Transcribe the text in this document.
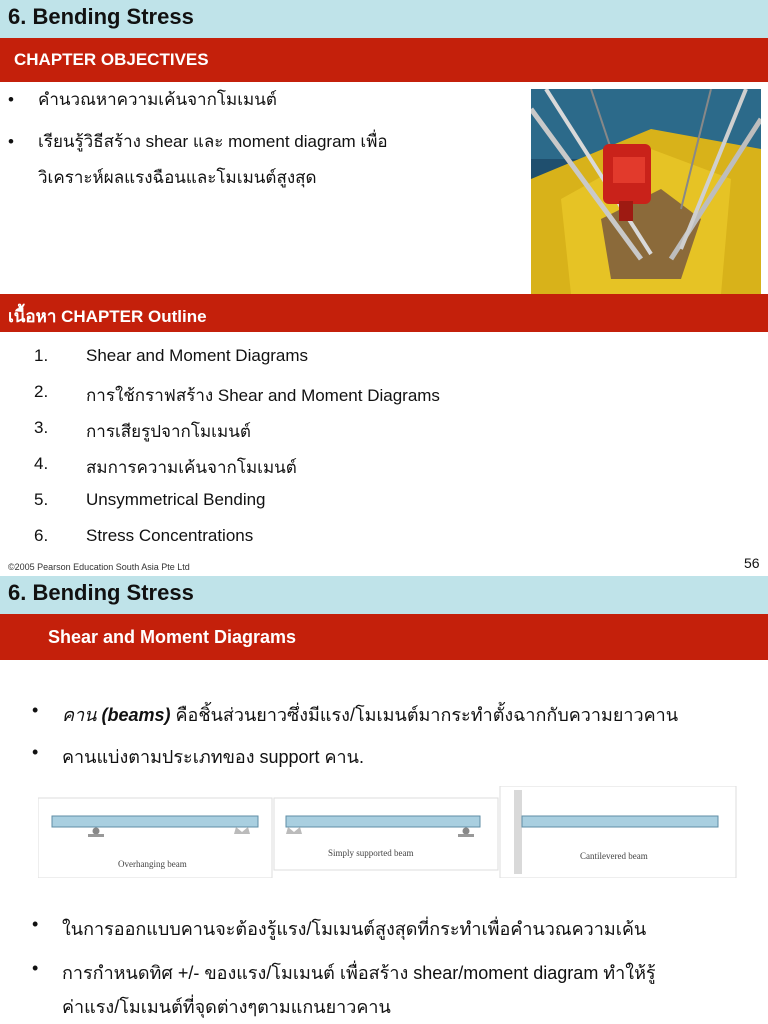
6. Bending Stress
CHAPTER OBJECTIVES
• คำนวณหาความเค้นจากโมเมนต์
• เรียนรู้วิธีสร้าง shear และ moment diagram เพื่อ
วิเคราะห์ผลแรงฉือนและโมเมนต์สูงสุด
เนื้อหา CHAPTER Outline
1. Shear and Moment Diagrams
2. การใช้กราฟสร้าง Shear and Moment Diagrams
3. การเสียรูปจากโมเมนต์
4. สมการความเค้นจากโมเมนต์
5. Unsymmetrical Bending
6. Stress Concentrations
©2005 Pearson Education South Asia Pte Ltd	56
6. Bending Stress
Shear and Moment Diagrams
• คาน (beams) คือชิ้นส่วนยาวซึ่งมีแรง/โมเมนต์มากระทำตั้งฉากกับความยาวคาน
• คานแบ่งตามประเภทของ support คาน.
Overhanging beam
Simply supported beam	Cantilevered beam
• ในการออกแบบคานจะต้องรู้แรง/โมเมนต์สูงสุดที่กระทำเพื่อคำนวณความเค้น
• การกำหนดทิศ +/- ของแรง/โมเมนต์ เพื่อสร้าง shear/moment diagram ทำให้รู้
ค่าแรง/โมเมนต์ที่จุดต่างๆตามแกนยาวคาน
